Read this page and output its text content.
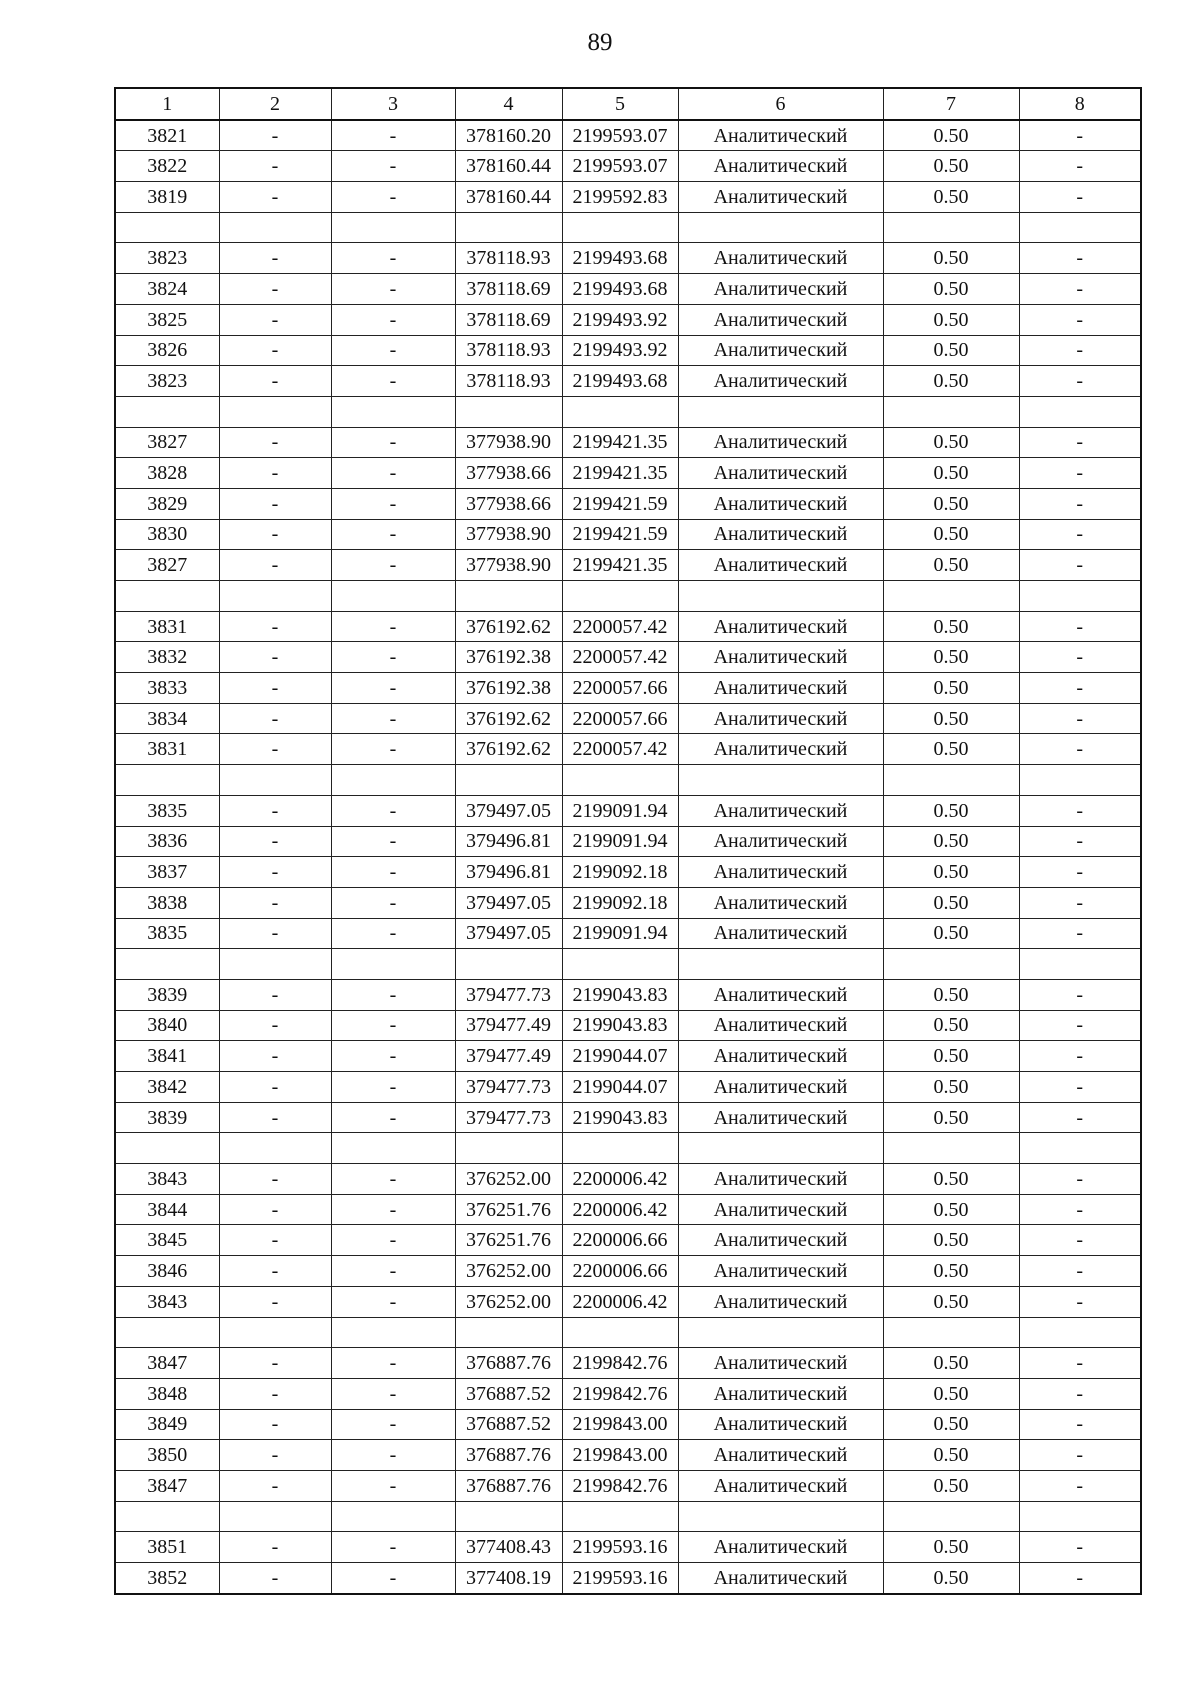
89
1	2	3	4	5	6	7	8
3821	-	-	378160.20	2199593.07	Аналитический	0.50	-
3822	-	-	378160.44	2199593.07	Аналитический	0.50	-
3819	-	-	378160.44	2199592.83	Аналитический	0.50	-

3823	-	-	378118.93	2199493.68	Аналитический	0.50	-
3824	-	-	378118.69	2199493.68	Аналитический	0.50	-
3825	-	-	378118.69	2199493.92	Аналитический	0.50	-
3826	-	-	378118.93	2199493.92	Аналитический	0.50	-
3823	-	-	378118.93	2199493.68	Аналитический	0.50	-

3827	-	-	377938.90	2199421.35	Аналитический	0.50	-
3828	-	-	377938.66	2199421.35	Аналитический	0.50	-
3829	-	-	377938.66	2199421.59	Аналитический	0.50	-
3830	-	-	377938.90	2199421.59	Аналитический	0.50	-
3827	-	-	377938.90	2199421.35	Аналитический	0.50	-

3831	-	-	376192.62	2200057.42	Аналитический	0.50	-
3832	-	-	376192.38	2200057.42	Аналитический	0.50	-
3833	-	-	376192.38	2200057.66	Аналитический	0.50	-
3834	-	-	376192.62	2200057.66	Аналитический	0.50	-
3831	-	-	376192.62	2200057.42	Аналитический	0.50	-

3835	-	-	379497.05	2199091.94	Аналитический	0.50	-
3836	-	-	379496.81	2199091.94	Аналитический	0.50	-
3837	-	-	379496.81	2199092.18	Аналитический	0.50	-
3838	-	-	379497.05	2199092.18	Аналитический	0.50	-
3835	-	-	379497.05	2199091.94	Аналитический	0.50	-

3839	-	-	379477.73	2199043.83	Аналитический	0.50	-
3840	-	-	379477.49	2199043.83	Аналитический	0.50	-
3841	-	-	379477.49	2199044.07	Аналитический	0.50	-
3842	-	-	379477.73	2199044.07	Аналитический	0.50	-
3839	-	-	379477.73	2199043.83	Аналитический	0.50	-

3843	-	-	376252.00	2200006.42	Аналитический	0.50	-
3844	-	-	376251.76	2200006.42	Аналитический	0.50	-
3845	-	-	376251.76	2200006.66	Аналитический	0.50	-
3846	-	-	376252.00	2200006.66	Аналитический	0.50	-
3843	-	-	376252.00	2200006.42	Аналитический	0.50	-

3847	-	-	376887.76	2199842.76	Аналитический	0.50	-
3848	-	-	376887.52	2199842.76	Аналитический	0.50	-
3849	-	-	376887.52	2199843.00	Аналитический	0.50	-
3850	-	-	376887.76	2199843.00	Аналитический	0.50	-
3847	-	-	376887.76	2199842.76	Аналитический	0.50	-

3851	-	-	377408.43	2199593.16	Аналитический	0.50	-
3852	-	-	377408.19	2199593.16	Аналитический	0.50	-
